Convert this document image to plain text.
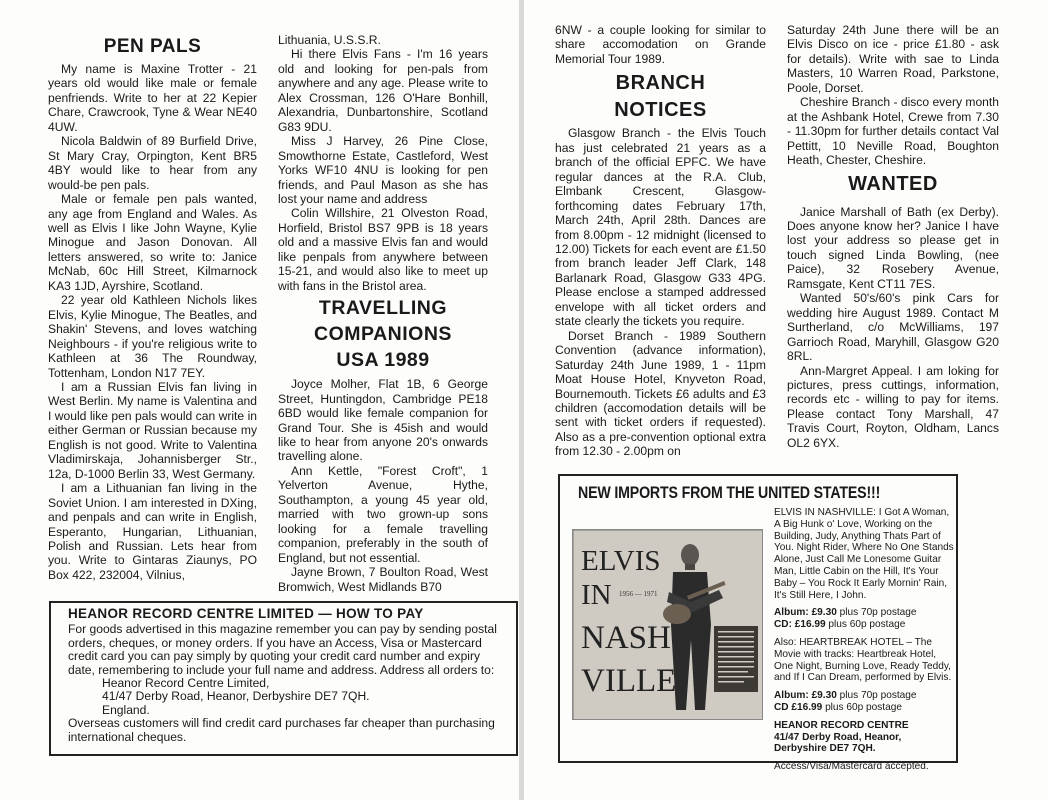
PEN PALS

My name is Maxine Trotter - 21 years old would like male or female penfriends. Write to her at 22 Kepier Chare, Crawcrook, Tyne & Wear NE40 4UW.

Nicola Baldwin of 89 Burfield Drive, St Mary Cray, Orpington, Kent BR5 4BY would like to hear from any would-be pen pals.

Male or female pen pals wanted, any age from England and Wales. As well as Elvis I like John Wayne, Kylie Minogue and Jason Donovan. All letters answered, so write to: Janice McNab, 60c Hill Street, Kilmarnock KA3 1JD, Ayrshire, Scotland.

22 year old Kathleen Nichols likes Elvis, Kylie Minogue, The Beatles, and Shakin' Stevens, and loves watching Neighbours - if you're religious write to Kathleen at 36 The Roundway, Tottenham, London N17 7EY.

I am a Russian Elvis fan living in West Berlin. My name is Valentina and I would like pen pals would can write in either German or Russian because my English is not good. Write to Valentina Vladimirskaja, Johannisberger Str., 12a, D-1000 Berlin 33, West Germany.

I am a Lithuanian fan living in the Soviet Union. I am interested in DXing, and penpals and can write in English, Esperanto, Hungarian, Lithuanian, Polish and Russian. Lets hear from you. Write to Gintaras Ziaunys, PO Box 422, 232004, Vilnius,

Lithuania, U.S.S.R.

Hi there Elvis Fans - I'm 16 years old and looking for pen-pals from anywhere and any age. Please write to Alex Crossman, 126 O'Hare Bonhill, Alexandria, Dunbartonshire, Scotland G83 9DU.

Miss J Harvey, 26 Pine Close, Smowthorne Estate, Castleford, West Yorks WF10 4NU is looking for pen friends, and Paul Mason as she has lost your name and address

Colin Willshire, 21 Olveston Road, Horfield, Bristol BS7 9PB is 18 years old and a massive Elvis fan and would like penpals from anywhere between 15-21, and would also like to meet up with fans in the Bristol area.

TRAVELLING
COMPANIONS
USA 1989

Joyce Molher, Flat 1B, 6 George Street, Huntingdon, Cambridge PE18 6BD would like female companion for Grand Tour. She is 45ish and would like to hear from anyone 20's onwards travelling alone.

Ann Kettle, "Forest Croft", 1 Yelverton Avenue, Hythe, Southampton, a young 45 year old, married with two grown-up sons looking for a female travelling companion, preferably in the south of England, but not essential.

Jayne Brown, 7 Boulton Road, West Bromwich, West Midlands B70

HEANOR RECORD CENTRE LIMITED — HOW TO PAY
For goods advertised in this magazine remember you can pay by sending postal orders, cheques, or money orders. If you have an Access, Visa or Mastercard credit card you can pay simply by quoting your credit card number and expiry date, remembering to include your full name and address. Address all orders to:
Heanor Record Centre Limited,
41/47 Derby Road, Heanor, Derbyshire DE7 7QH.
England.
Overseas customers will find credit card purchases far cheaper than purchasing international cheques.

6NW - a couple looking for similar to share accomodation on Grande Memorial Tour 1989.

BRANCH
NOTICES

Glasgow Branch - the Elvis Touch has just celebrated 21 years as a branch of the official EPFC. We have regular dances at the R.A. Club, Elmbank Crescent, Glasgow-forthcoming dates February 17th, March 24th, April 28th. Dances are from 8.00pm - 12 midnight (licensed to 12.00) Tickets for each event are £1.50 from branch leader Jeff Clark, 148 Barlanark Road, Glasgow G33 4PG. Please enclose a stamped addressed envelope with all ticket orders and state clearly the tickets you require.

Dorset Branch - 1989 Southern Convention (advance information), Saturday 24th June 1989, 1 - 11pm Moat House Hotel, Knyveton Road, Bournemouth. Tickets £6 adults and £3 children (accomodation details will be sent with ticket orders if requested). Also as a pre-convention optional extra from 12.30 - 2.00pm on

Saturday 24th June there will be an Elvis Disco on ice - price £1.80 - ask for details). Write with sae to Linda Masters, 10 Warren Road, Parkstone, Poole, Dorset.

Cheshire Branch - disco every month at the Ashbank Hotel, Crewe from 7.30 - 11.30pm for further details contact Val Pettitt, 10 Neville Road, Boughton Heath, Chester, Cheshire.

WANTED

Janice Marshall of Bath (ex Derby). Does anyone know her? Janice I have lost your address so please get in touch signed Linda Bowling, (nee Paice), 32 Rosebery Avenue, Ramsgate, Kent CT11 7ES.

Wanted 50's/60's pink Cars for wedding hire August 1989. Contact M Surtherland, c/o McWilliams, 197 Garrioch Road, Maryhill, Glasgow G20 8RL.

Ann-Margret Appeal. I am loking for pictures, press cuttings, information, records etc - willing to pay for items. Please contact Tony Marshall, 47 Travis Court, Royton, Oldham, Lancs OL2 6YX.

NEW IMPORTS FROM THE UNITED STATES!!!
ELVIS
IN
NASH
VILLE
1956 — 1971
ELVIS IN NASHVILLE: I Got A Woman, A Big Hunk o' Love, Working on the Building, Judy, Anything Thats Part of You. Night Rider, Where No One Stands Alone, Just Call Me Lonesome Guitar Man, Little Cabin on the Hill, It's Your Baby – You Rock It Early Mornin' Rain, It's Still Here, I John.
Album: £9.30 plus 70p postage
CD: £16.99 plus 60p postage
Also: HEARTBREAK HOTEL – The Movie with tracks: Heartbreak Hotel, One Night, Burning Love, Ready Teddy, and If I Can Dream, performed by Elvis.
Album: £9.30 plus 70p postage
CD £16.99 plus 60p postage
HEANOR RECORD CENTRE
41/47 Derby Road, Heanor,
Derbyshire DE7 7QH.
Access/Visa/Mastercard accepted.
